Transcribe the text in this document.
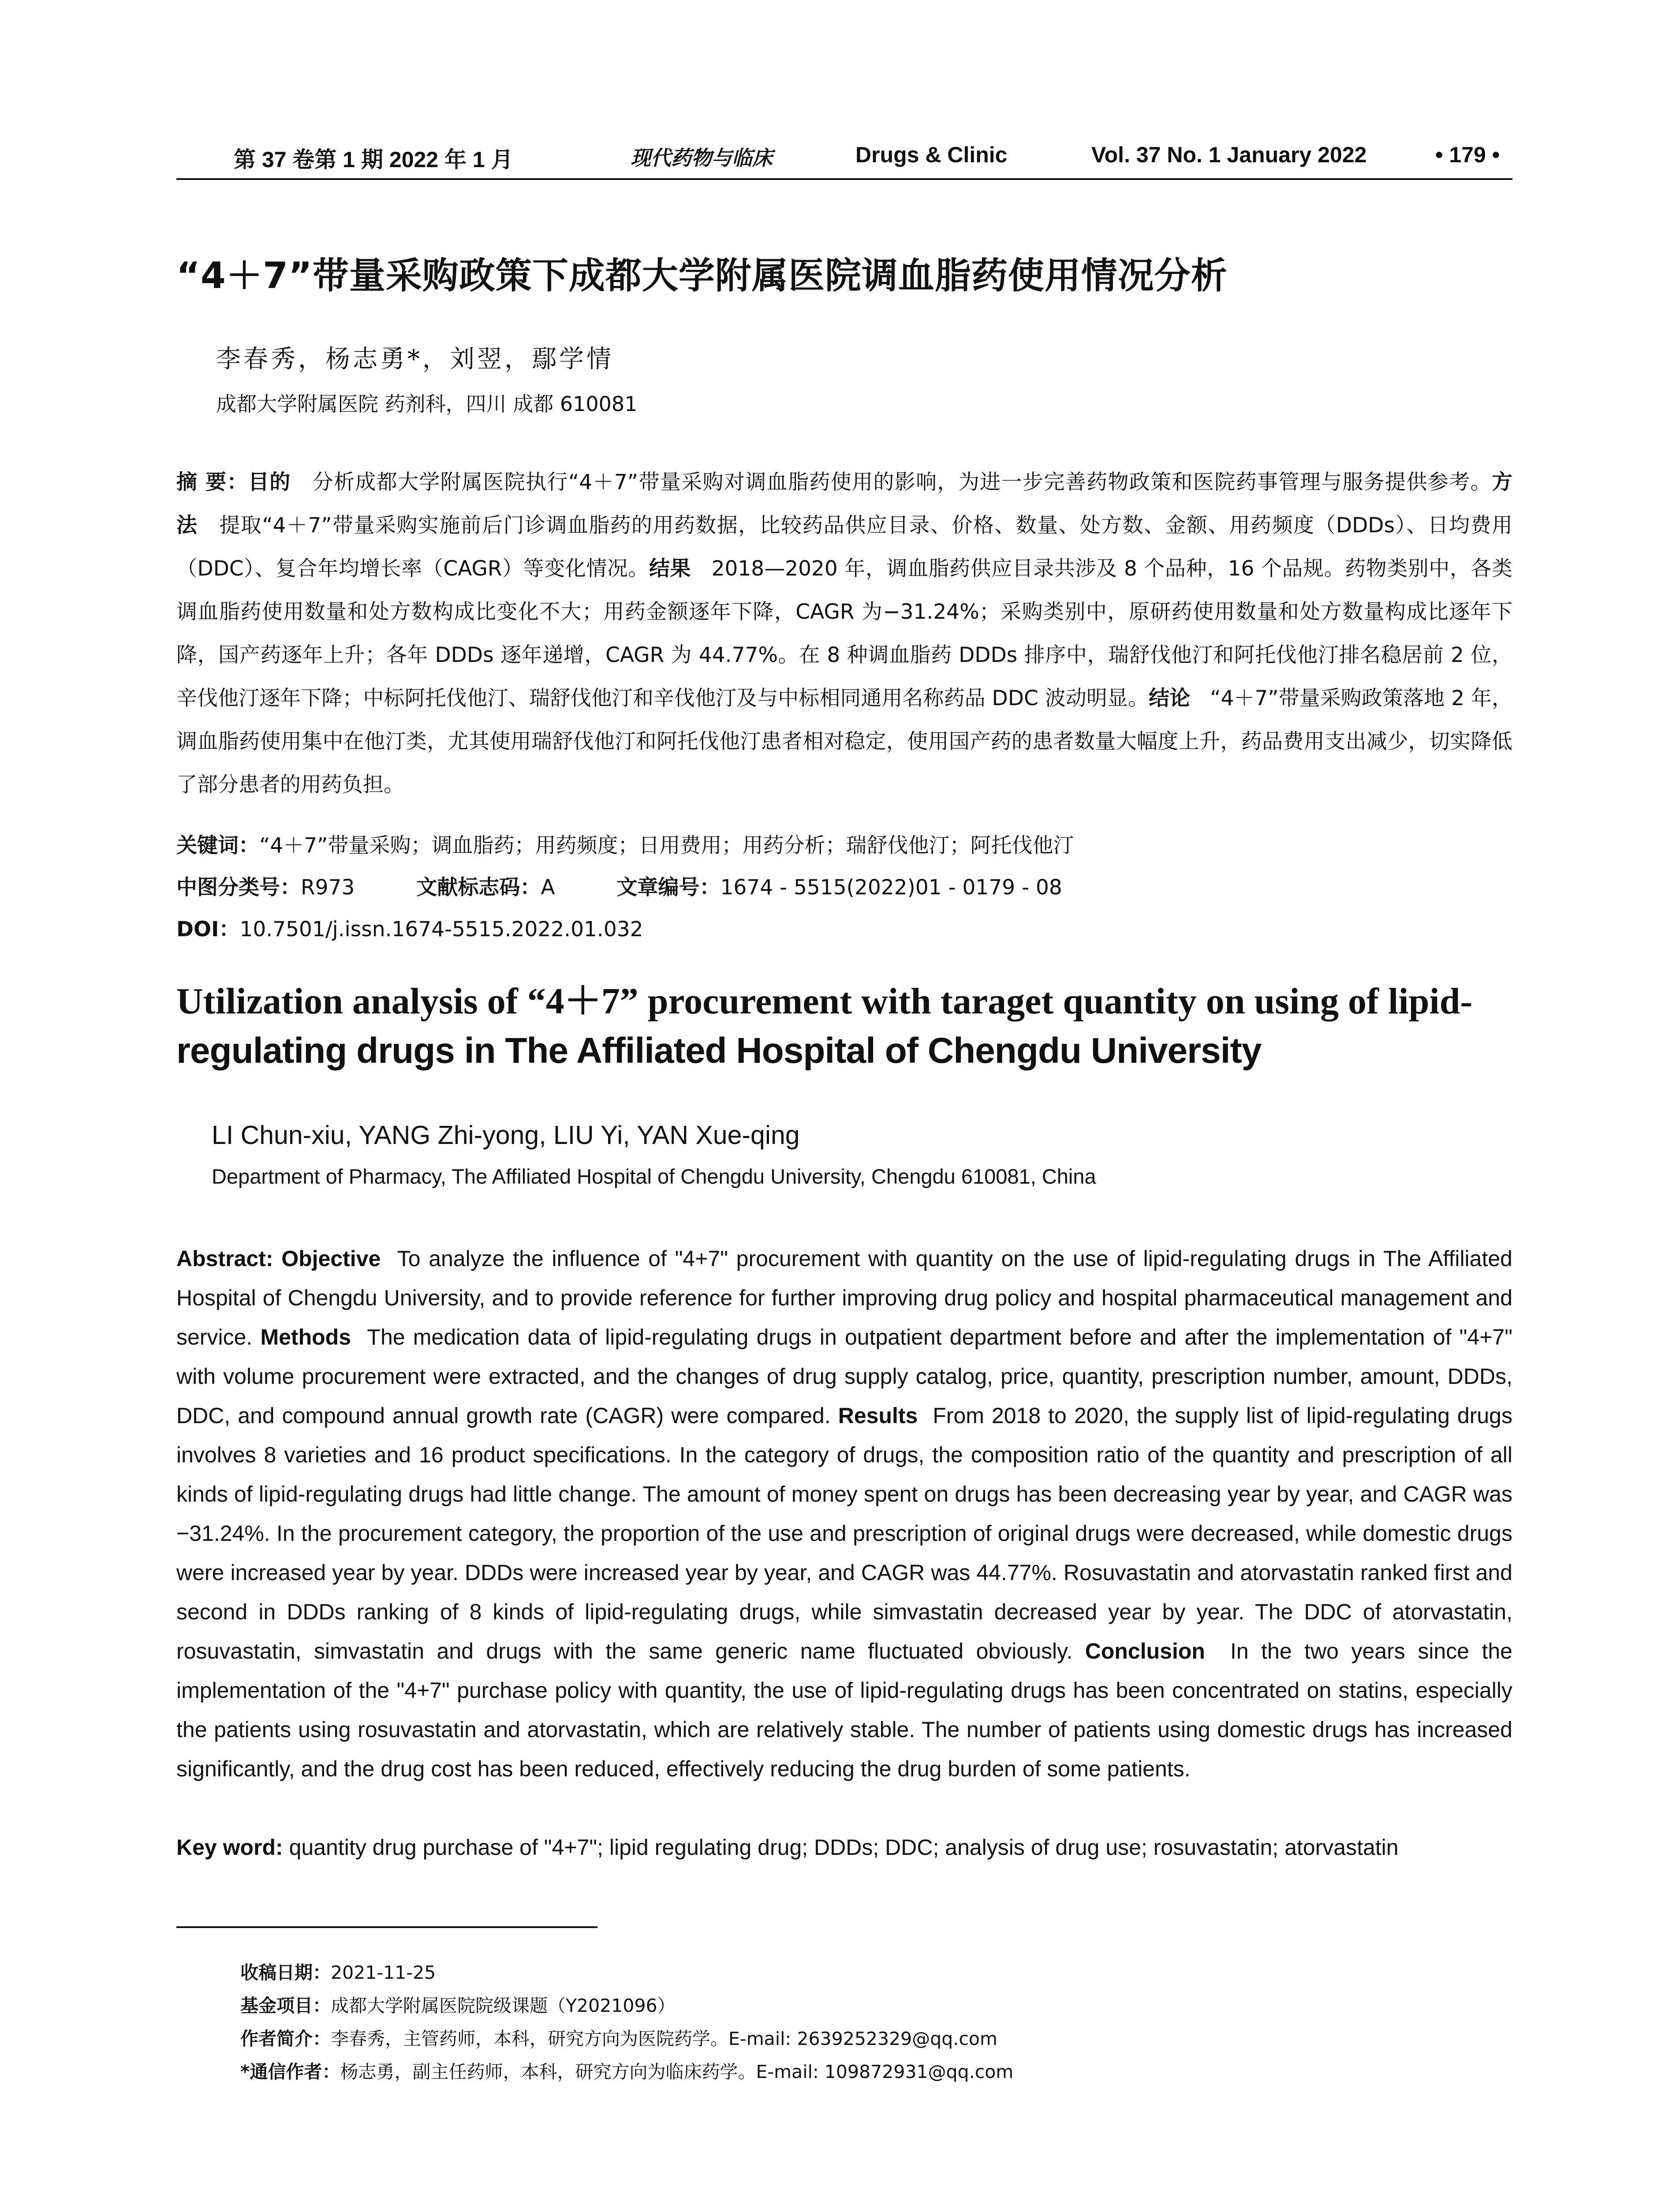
第 37 卷第 1 期 2022 年 1 月	现代药物与临床	Drugs & Clinic	Vol. 37 No. 1 January 2022	• 179 •
“4＋7”带量采购政策下成都大学附属医院调血脂药使用情况分析
李春秀，杨志勇*，刘翌，鄢学情
成都大学附属医院 药剂科，四川 成都 610081
摘 要：目的 分析成都大学附属医院执行“4＋7”带量采购对调血脂药使用的影响，为进一步完善药物政策和医院药事管理与服务提供参考。方法 提取“4＋7”带量采购实施前后门诊调血脂药的用药数据，比较药品供应目录、价格、数量、处方数、金额、用药频度（DDDs）、日均费用（DDC）、复合年均增长率（CAGR）等变化情况。结果 2018—2020 年，调血脂药供应目录共涉及 8 个品种，16 个品规。药物类别中，各类调血脂药使用数量和处方数构成比变化不大；用药金额逐年下降，CAGR 为−31.24%；采购类别中，原研药使用数量和处方数量构成比逐年下降，国产药逐年上升；各年 DDDs 逐年递增，CAGR 为 44.77%。在 8 种调血脂药 DDDs 排序中，瑞舒伐他汀和阿托伐他汀排名稳居前 2 位，辛伐他汀逐年下降；中标阿托伐他汀、瑞舒伐他汀和辛伐他汀及与中标相同通用名称药品 DDC 波动明显。结论 “4＋7”带量采购政策落地 2 年，调血脂药使用集中在他汀类，尤其使用瑞舒伐他汀和阿托伐他汀患者相对稳定，使用国产药的患者数量大幅度上升，药品费用支出减少，切实降低了部分患者的用药负担。
关键词：“4＋7”带量采购；调血脂药；用药频度；日用费用；用药分析；瑞舒伐他汀；阿托伐他汀
中图分类号：R973	文献标志码：A	文章编号：1674 - 5515(2022)01 - 0179 - 08
DOI：10.7501/j.issn.1674-5515.2022.01.032
Utilization analysis of “4＋7” procurement with taraget quantity on using of lipid-
regulating drugs in The Affiliated Hospital of Chengdu University
LI Chun-xiu, YANG Zhi-yong, LIU Yi, YAN Xue-qing
Department of Pharmacy, The Affiliated Hospital of Chengdu University, Chengdu 610081, China
Abstract: Objective To analyze the influence of "4+7" procurement with quantity on the use of lipid-regulating drugs in The Affiliated Hospital of Chengdu University, and to provide reference for further improving drug policy and hospital pharmaceutical management and service. Methods The medication data of lipid-regulating drugs in outpatient department before and after the implementation of "4+7" with volume procurement were extracted, and the changes of drug supply catalog, price, quantity, prescription number, amount, DDDs, DDC, and compound annual growth rate (CAGR) were compared. Results From 2018 to 2020, the supply list of lipid-regulating drugs involves 8 varieties and 16 product specifications. In the category of drugs, the composition ratio of the quantity and prescription of all kinds of lipid-regulating drugs had little change. The amount of money spent on drugs has been decreasing year by year, and CAGR was −31.24%. In the procurement category, the proportion of the use and prescription of original drugs were decreased, while domestic drugs were increased year by year. DDDs were increased year by year, and CAGR was 44.77%. Rosuvastatin and atorvastatin ranked first and second in DDDs ranking of 8 kinds of lipid-regulating drugs, while simvastatin decreased year by year. The DDC of atorvastatin, rosuvastatin, simvastatin and drugs with the same generic name fluctuated obviously. Conclusion In the two years since the implementation of the "4+7" purchase policy with quantity, the use of lipid-regulating drugs has been concentrated on statins, especially the patients using rosuvastatin and atorvastatin, which are relatively stable. The number of patients using domestic drugs has increased significantly, and the drug cost has been reduced, effectively reducing the drug burden of some patients.
Key word: quantity drug purchase of "4+7"; lipid regulating drug; DDDs; DDC; analysis of drug use; rosuvastatin; atorvastatin
收稿日期：2021-11-25
基金项目：成都大学附属医院院级课题（Y2021096）
作者简介：李春秀，主管药师，本科，研究方向为医院药学。E-mail: 2639252329@qq.com
*通信作者：杨志勇，副主任药师，本科，研究方向为临床药学。E-mail: 109872931@qq.com
